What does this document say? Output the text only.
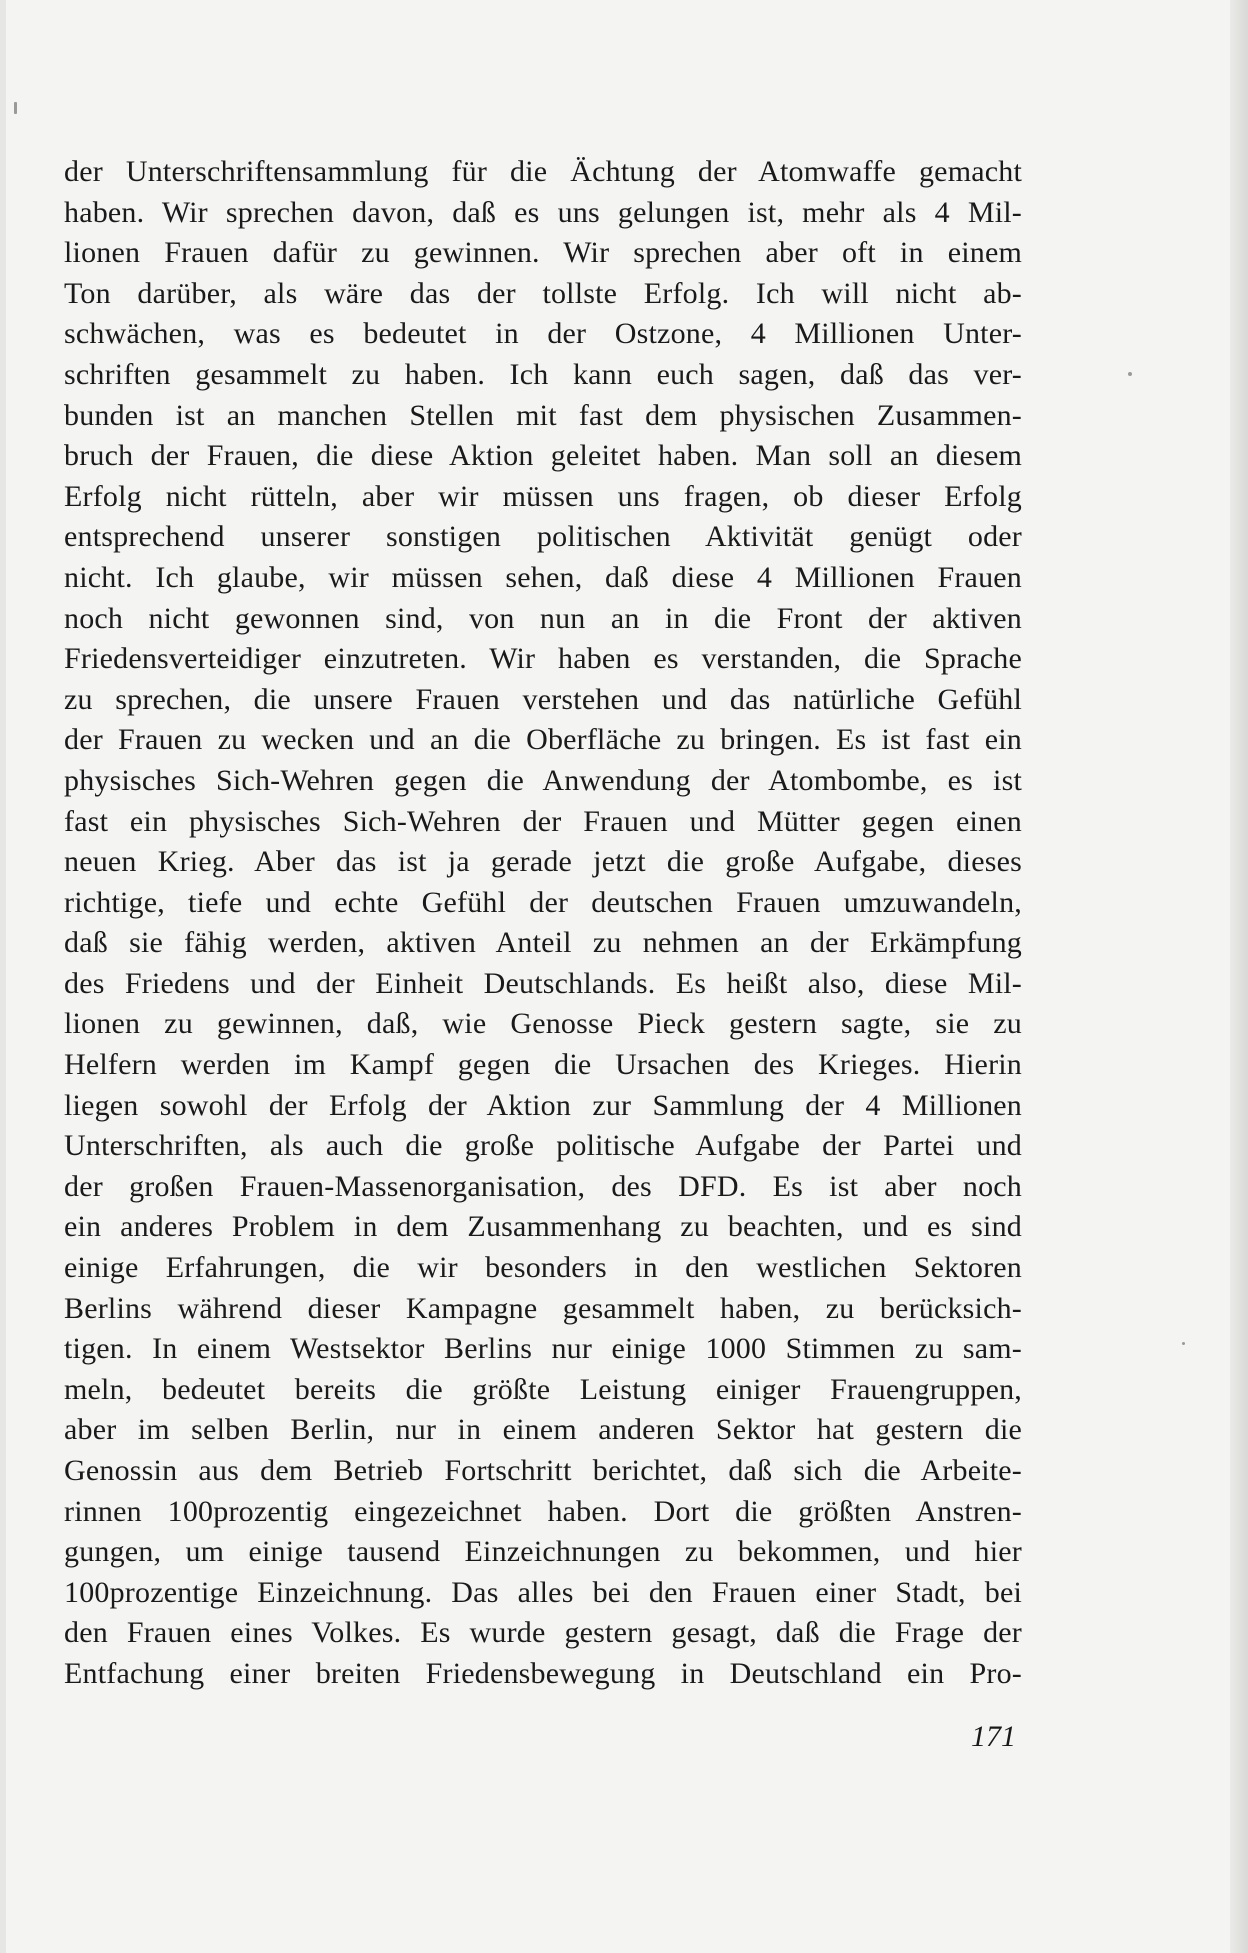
der Unterschriftensammlung für die Ächtung der Atomwaffe gemacht
haben. Wir sprechen davon, daß es uns gelungen ist, mehr als 4 Mil-
lionen Frauen dafür zu gewinnen. Wir sprechen aber oft in einem
Ton darüber, als wäre das der tollste Erfolg. Ich will nicht ab-
schwächen, was es bedeutet in der Ostzone, 4 Millionen Unter-
schriften gesammelt zu haben. Ich kann euch sagen, daß das ver-
bunden ist an manchen Stellen mit fast dem physischen Zusammen-
bruch der Frauen, die diese Aktion geleitet haben. Man soll an diesem
Erfolg nicht rütteln, aber wir müssen uns fragen, ob dieser Erfolg
entsprechend unserer sonstigen politischen Aktivität genügt oder
nicht. Ich glaube, wir müssen sehen, daß diese 4 Millionen Frauen
noch nicht gewonnen sind, von nun an in die Front der aktiven
Friedensverteidiger einzutreten. Wir haben es verstanden, die Sprache
zu sprechen, die unsere Frauen verstehen und das natürliche Gefühl
der Frauen zu wecken und an die Oberfläche zu bringen. Es ist fast ein
physisches Sich-Wehren gegen die Anwendung der Atombombe, es ist
fast ein physisches Sich-Wehren der Frauen und Mütter gegen einen
neuen Krieg. Aber das ist ja gerade jetzt die große Aufgabe, dieses
richtige, tiefe und echte Gefühl der deutschen Frauen umzuwandeln,
daß sie fähig werden, aktiven Anteil zu nehmen an der Erkämpfung
des Friedens und der Einheit Deutschlands. Es heißt also, diese Mil-
lionen zu gewinnen, daß, wie Genosse Pieck gestern sagte, sie zu
Helfern werden im Kampf gegen die Ursachen des Krieges. Hierin
liegen sowohl der Erfolg der Aktion zur Sammlung der 4 Millionen
Unterschriften, als auch die große politische Aufgabe der Partei und
der großen Frauen-Massenorganisation, des DFD. Es ist aber noch
ein anderes Problem in dem Zusammenhang zu beachten, und es sind
einige Erfahrungen, die wir besonders in den westlichen Sektoren
Berlins während dieser Kampagne gesammelt haben, zu berücksich-
tigen. In einem Westsektor Berlins nur einige 1000 Stimmen zu sam-
meln, bedeutet bereits die größte Leistung einiger Frauengruppen,
aber im selben Berlin, nur in einem anderen Sektor hat gestern die
Genossin aus dem Betrieb Fortschritt berichtet, daß sich die Arbeite-
rinnen 100prozentig eingezeichnet haben. Dort die größten Anstren-
gungen, um einige tausend Einzeichnungen zu bekommen, und hier
100prozentige Einzeichnung. Das alles bei den Frauen einer Stadt, bei
den Frauen eines Volkes. Es wurde gestern gesagt, daß die Frage der
Entfachung einer breiten Friedensbewegung in Deutschland ein Pro-
171
